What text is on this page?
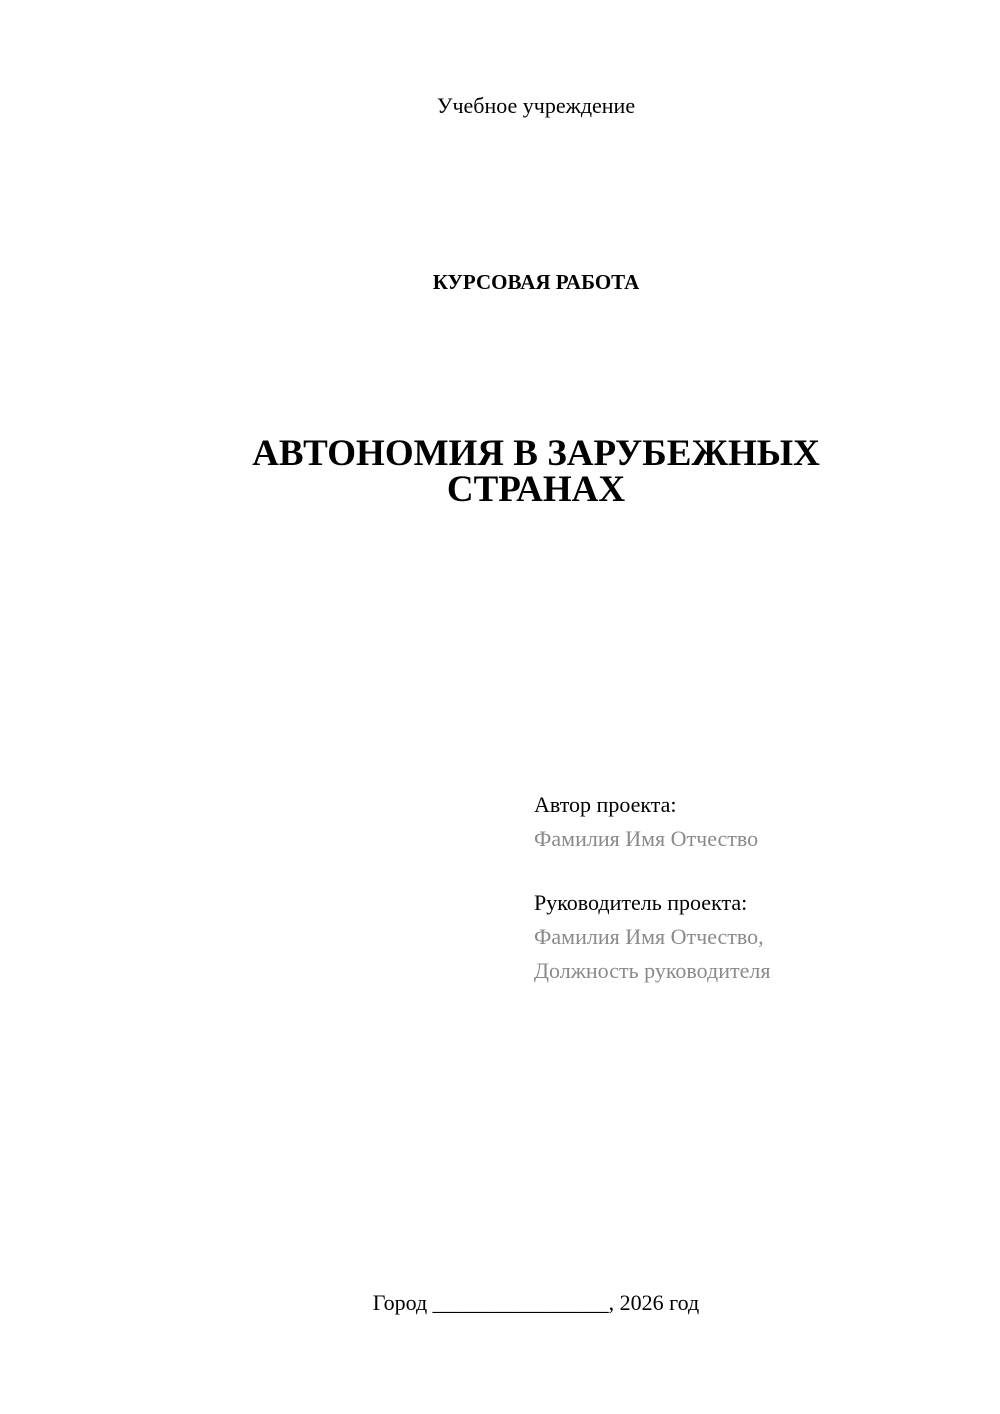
Учебное учреждение
КУРСОВАЯ РАБОТА
АВТОНОМИЯ В ЗАРУБЕЖНЫХ
СТРАНАХ
Автор проекта:
Фамилия Имя Отчество
Руководитель проекта:
Фамилия Имя Отчество,
Должность руководителя
Город ________________, 2026 год
